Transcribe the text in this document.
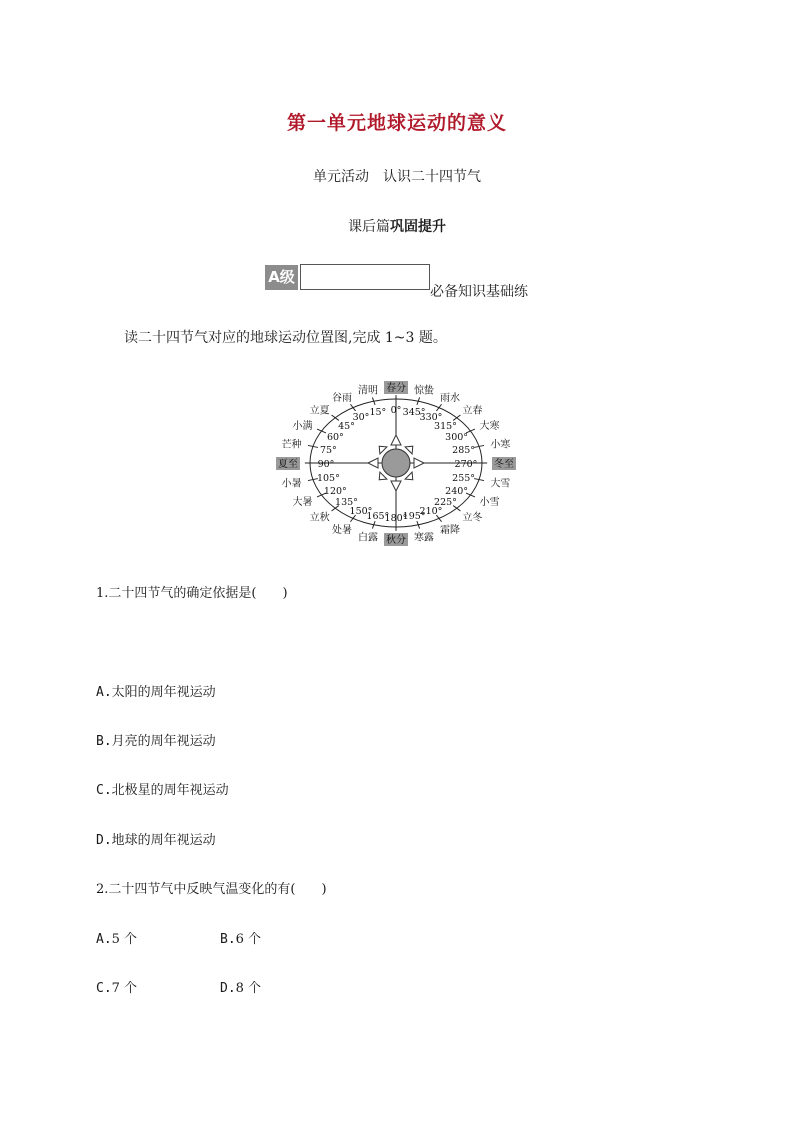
第一单元地球运动的意义
单元活动　认识二十四节气
课后篇巩固提升
A级
必备知识基础练
读二十四节气对应的地球运动位置图,完成 1~3 题。
0°
春分
15°
清明
30°
谷雨
45°
立夏
60°
小满
75°
芒种
90°
夏至
105°
小暑
120°
大暑 135°
立秋
150°
处暑
165°
白露
180°
秋分
195°
寒露
210°
霜降
225°
立冬
240°
小雪
255°
大雪
270° 冬至
285°
小寒
300°
大寒
315°
立春
330°
雨水
345°
惊蛰
1.二十四节气的确定依据是(　　)
A.太阳的周年视运动
B.月亮的周年视运动
C.北极星的周年视运动
D.地球的周年视运动
2.二十四节气中反映气温变化的有(　　)
A.5 个	B.6 个
C.7 个	D.8 个
